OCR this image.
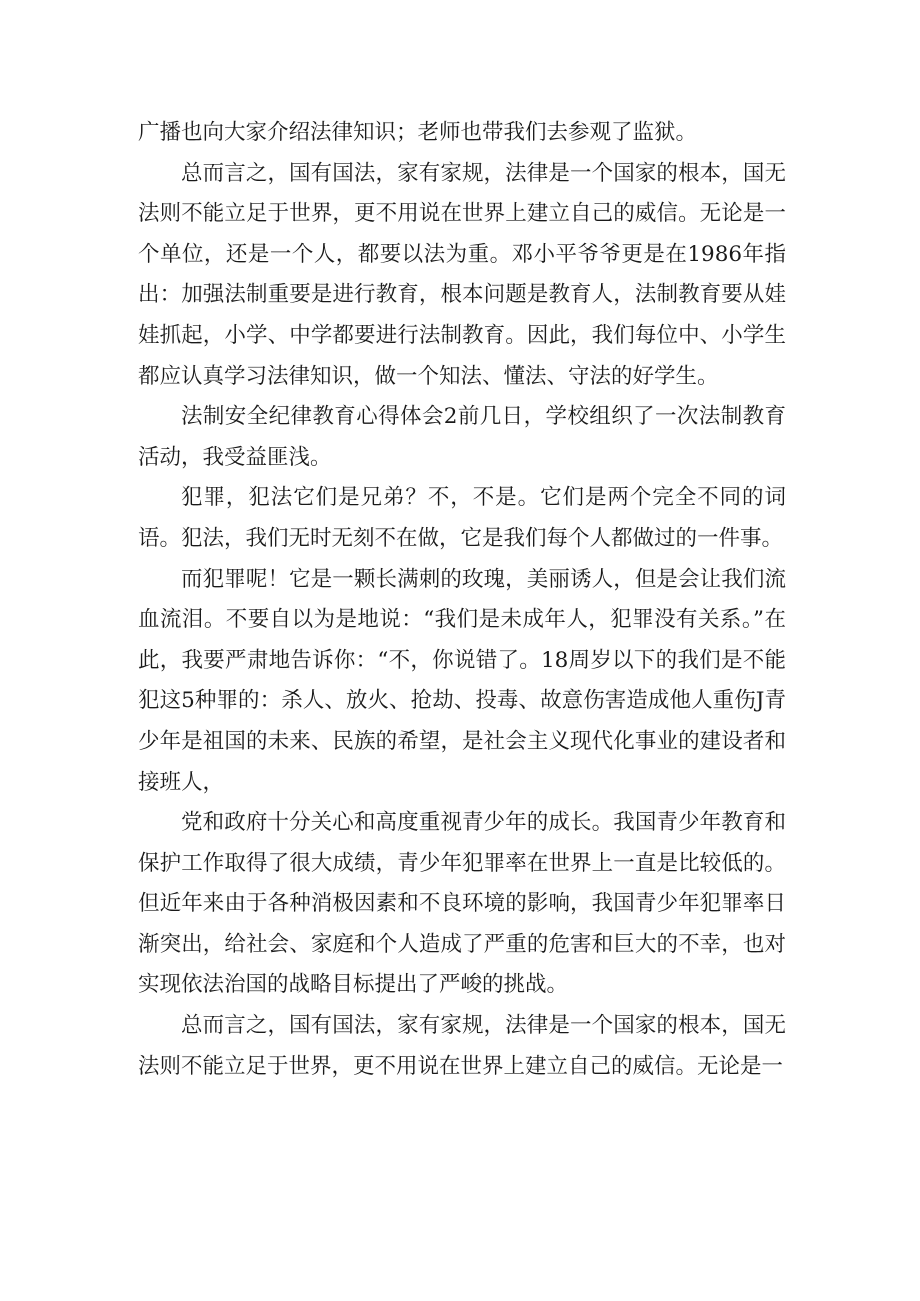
广播也向大家介绍法律知识；老师也带我们去参观了监狱。

总而言之，国有国法，家有家规，法律是一个国家的根本，国无法则不能立足于世界，更不用说在世界上建立自己的威信。无论是一个单位，还是一个人，都要以法为重。邓小平爷爷更是在1986年指出：加强法制重要是进行教育，根本问题是教育人，法制教育要从娃娃抓起，小学、中学都要进行法制教育。因此，我们每位中、小学生都应认真学习法律知识，做一个知法、懂法、守法的好学生。

法制安全纪律教育心得体会2前几日，学校组织了一次法制教育活动，我受益匪浅。

犯罪，犯法它们是兄弟？不，不是。它们是两个完全不同的词语。犯法，我们无时无刻不在做，它是我们每个人都做过的一件事。

而犯罪呢！它是一颗长满刺的玫瑰，美丽诱人，但是会让我们流血流泪。不要自以为是地说：“我们是未成年人，犯罪没有关系。”在此，我要严肃地告诉你：“不，你说错了。18周岁以下的我们是不能犯这5种罪的：杀人、放火、抢劫、投毒、故意伤害造成他人重伤J青少年是祖国的未来、民族的希望，是社会主义现代化事业的建设者和接班人，

党和政府十分关心和高度重视青少年的成长。我国青少年教育和保护工作取得了很大成绩，青少年犯罪率在世界上一直是比较低的。但近年来由于各种消极因素和不良环境的影响，我国青少年犯罪率日渐突出，给社会、家庭和个人造成了严重的危害和巨大的不幸，也对实现依法治国的战略目标提出了严峻的挑战。

总而言之，国有国法，家有家规，法律是一个国家的根本，国无法则不能立足于世界，更不用说在世界上建立自己的威信。无论是一
